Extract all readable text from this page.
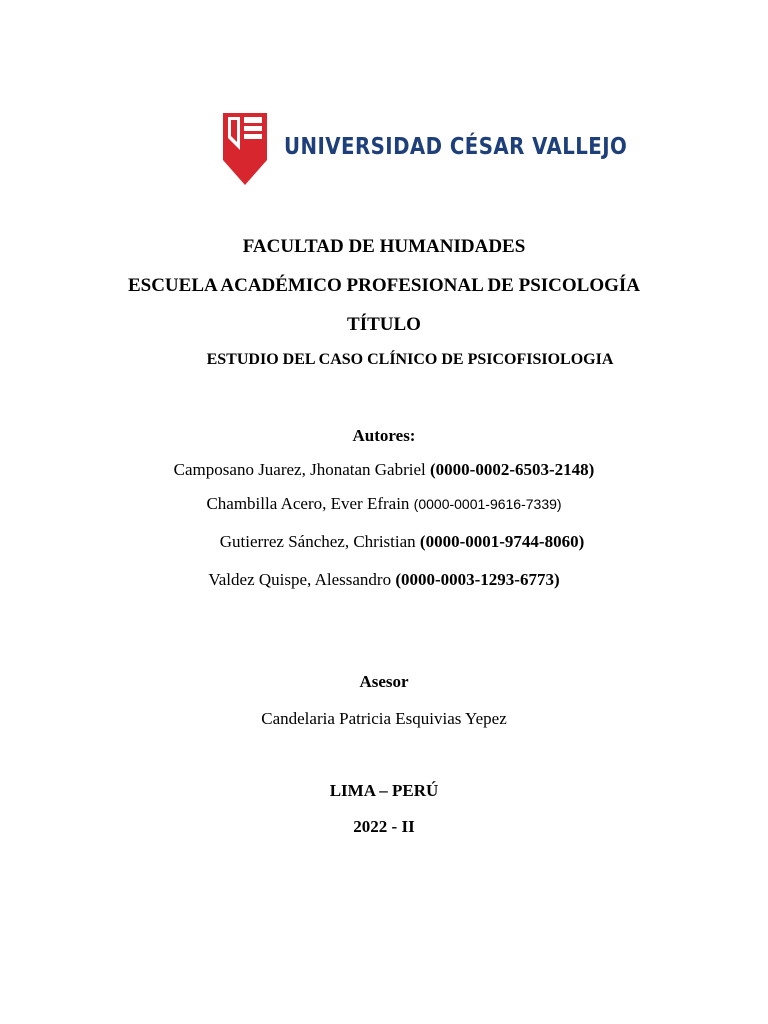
UNIVERSIDAD CÉSAR VALLEJO
FACULTAD DE HUMANIDADES
ESCUELA ACADÉMICO PROFESIONAL DE PSICOLOGÍA
TÍTULO
ESTUDIO DEL CASO CLÍNICO DE PSICOFISIOLOGIA
Autores:
Camposano Juarez, Jhonatan Gabriel (0000-0002-6503-2148)
Chambilla Acero, Ever Efrain (0000-0001-9616-7339)
Gutierrez Sánchez, Christian (0000-0001-9744-8060)
Valdez Quispe, Alessandro (0000-0003-1293-6773)
Asesor
Candelaria Patricia Esquivias Yepez
LIMA – PERÚ
2022 - II
